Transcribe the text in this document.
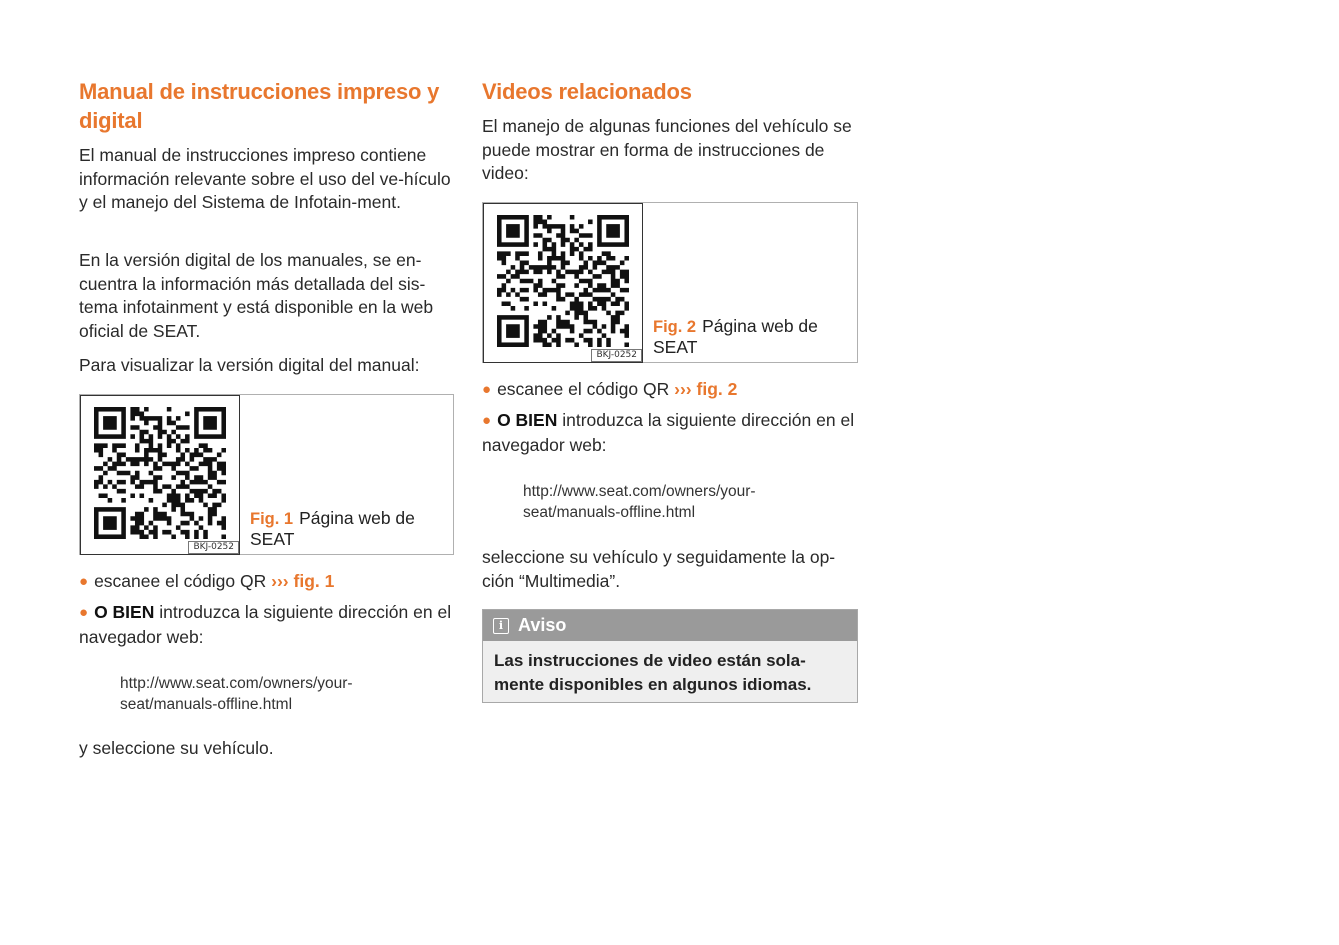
Manual de instrucciones impreso y digital

El manual de instrucciones impreso contiene información relevante sobre el uso del ve-hículo y el manejo del Sistema de Infotain-ment.

En la versión digital de los manuales, se en-cuentra la información más detallada del sis-tema infotainment y está disponible en la web oficial de SEAT.

Para visualizar la versión digital del manual:

BKJ-0252
Fig. 1 Página web de SEAT

● escanee el código QR ››› fig. 1

● O BIEN introduzca la siguiente dirección en el navegador web:

http://www.seat.com/owners/your-
seat/manuals-offline.html

y seleccione su vehículo.

Videos relacionados

El manejo de algunas funciones del vehículo se puede mostrar en forma de instrucciones de video:

BKJ-0252
Fig. 2 Página web de SEAT

● escanee el código QR ››› fig. 2

● O BIEN introduzca la siguiente dirección en el navegador web:

http://www.seat.com/owners/your-
seat/manuals-offline.html

seleccione su vehículo y seguidamente la op-ción “Multimedia”.

i Aviso
Las instrucciones de video están sola-mente disponibles en algunos idiomas.
